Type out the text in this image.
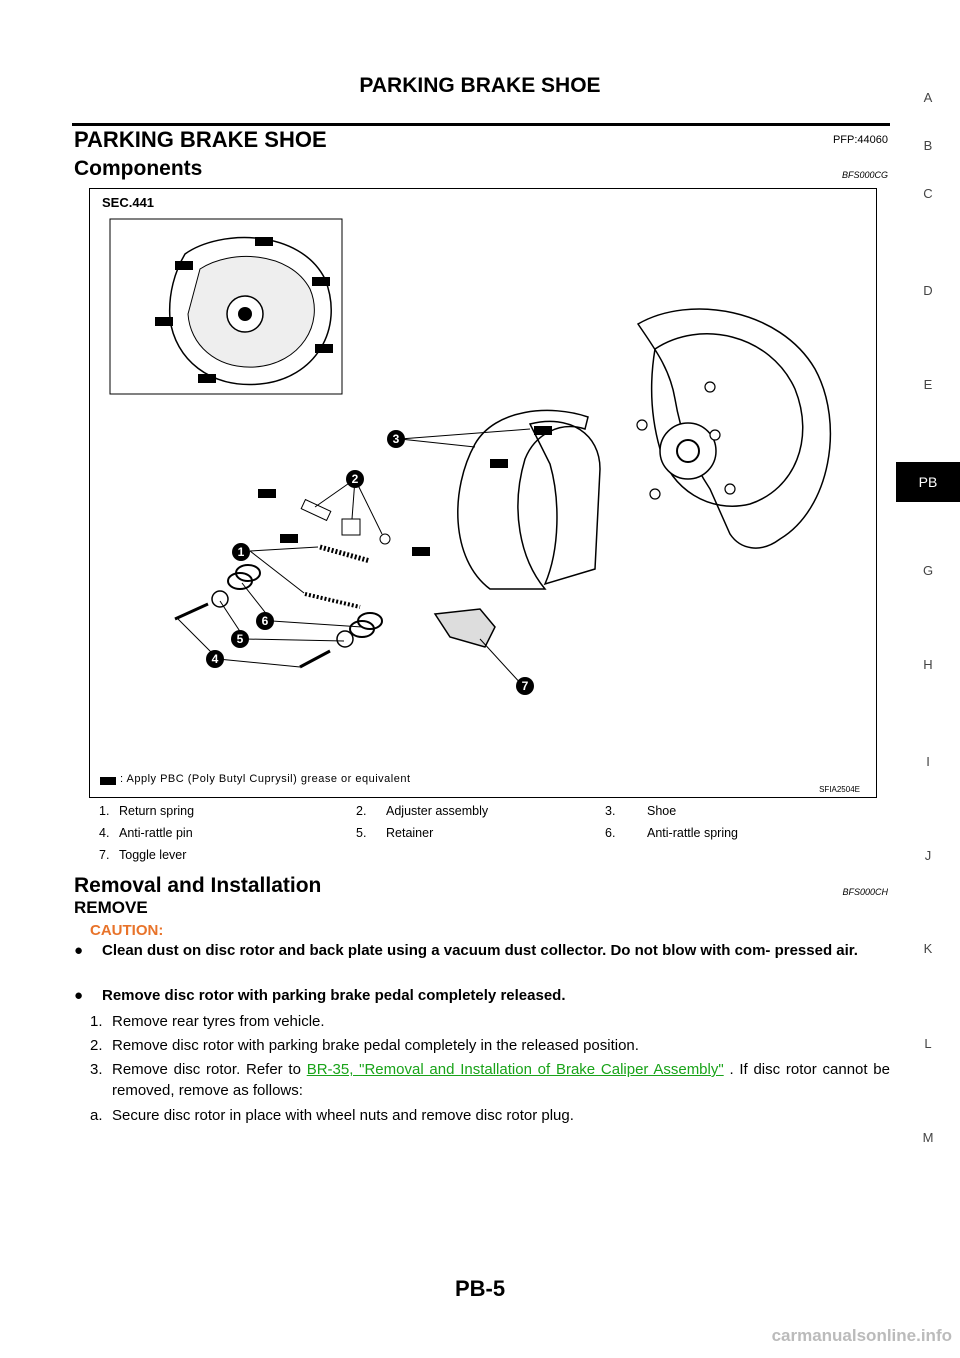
PARKING BRAKE SHOE
PARKING BRAKE SHOE	PFP:44060
Components	BFS000CG
A
B
C
D
E
PB
G
H
I
J
K
L
M
SEC.441
1
2
3
4
5
6
7
: Apply PBC (Poly Butyl Cuprysil) grease or equivalent
SFIA2504E
1. Return spring	2. Adjuster assembly	3.	Shoe
4. Anti-rattle pin	5. Retainer	6.	Anti-rattle spring
7. Toggle lever
Removal and Installation	BFS000CH
REMOVE
CAUTION:
● Clean dust on disc rotor and back plate using a vacuum dust collector. Do not blow with com- pressed air.
● Remove disc rotor with parking brake pedal completely released.
1. Remove rear tyres from vehicle.
2. Remove disc rotor with parking brake pedal completely in the released position.
3. Remove disc rotor. Refer to BR-35, "Removal and Installation of Brake Caliper Assembly" . If disc rotor cannot be removed, remove as follows:
a. Secure disc rotor in place with wheel nuts and remove disc rotor plug.
PB-5
carmanualsonline.info
